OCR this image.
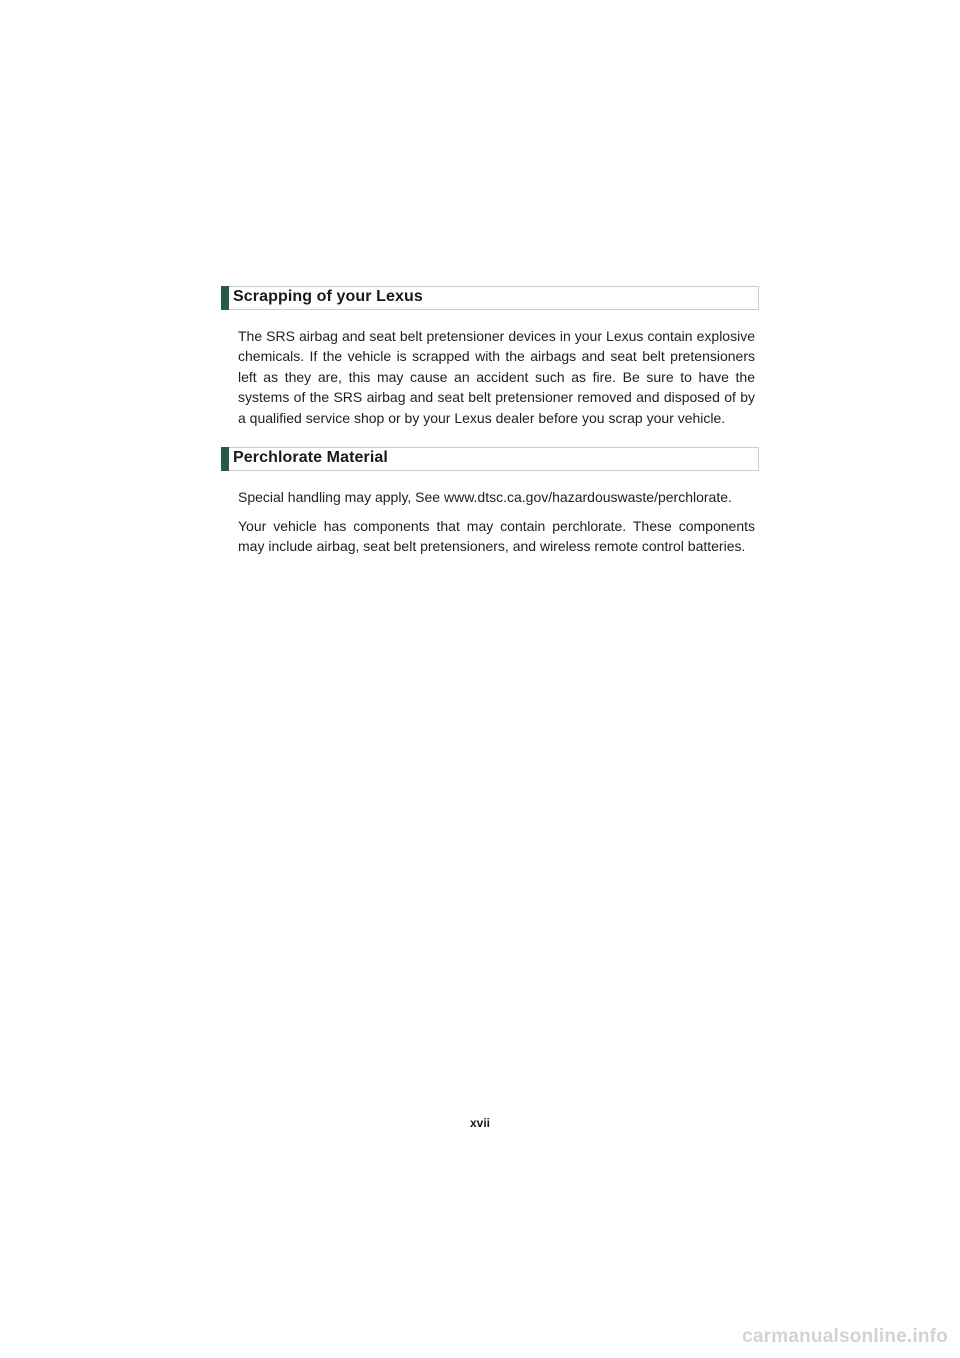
Scrapping of your Lexus

The SRS airbag and seat belt pretensioner devices in your Lexus contain explosive chemicals. If the vehicle is scrapped with the airbags and seat belt pretensioners left as they are, this may cause an accident such as fire. Be sure to have the systems of the SRS airbag and seat belt pretensioner removed and disposed of by a qualified service shop or by your Lexus dealer before you scrap your vehicle.

Perchlorate Material

Special handling may apply, See www.dtsc.ca.gov/hazardouswaste/perchlorate.

Your vehicle has components that may contain perchlorate. These components may include airbag, seat belt pretensioners, and wireless remote control batteries.

xvii
carmanualsonline.info
